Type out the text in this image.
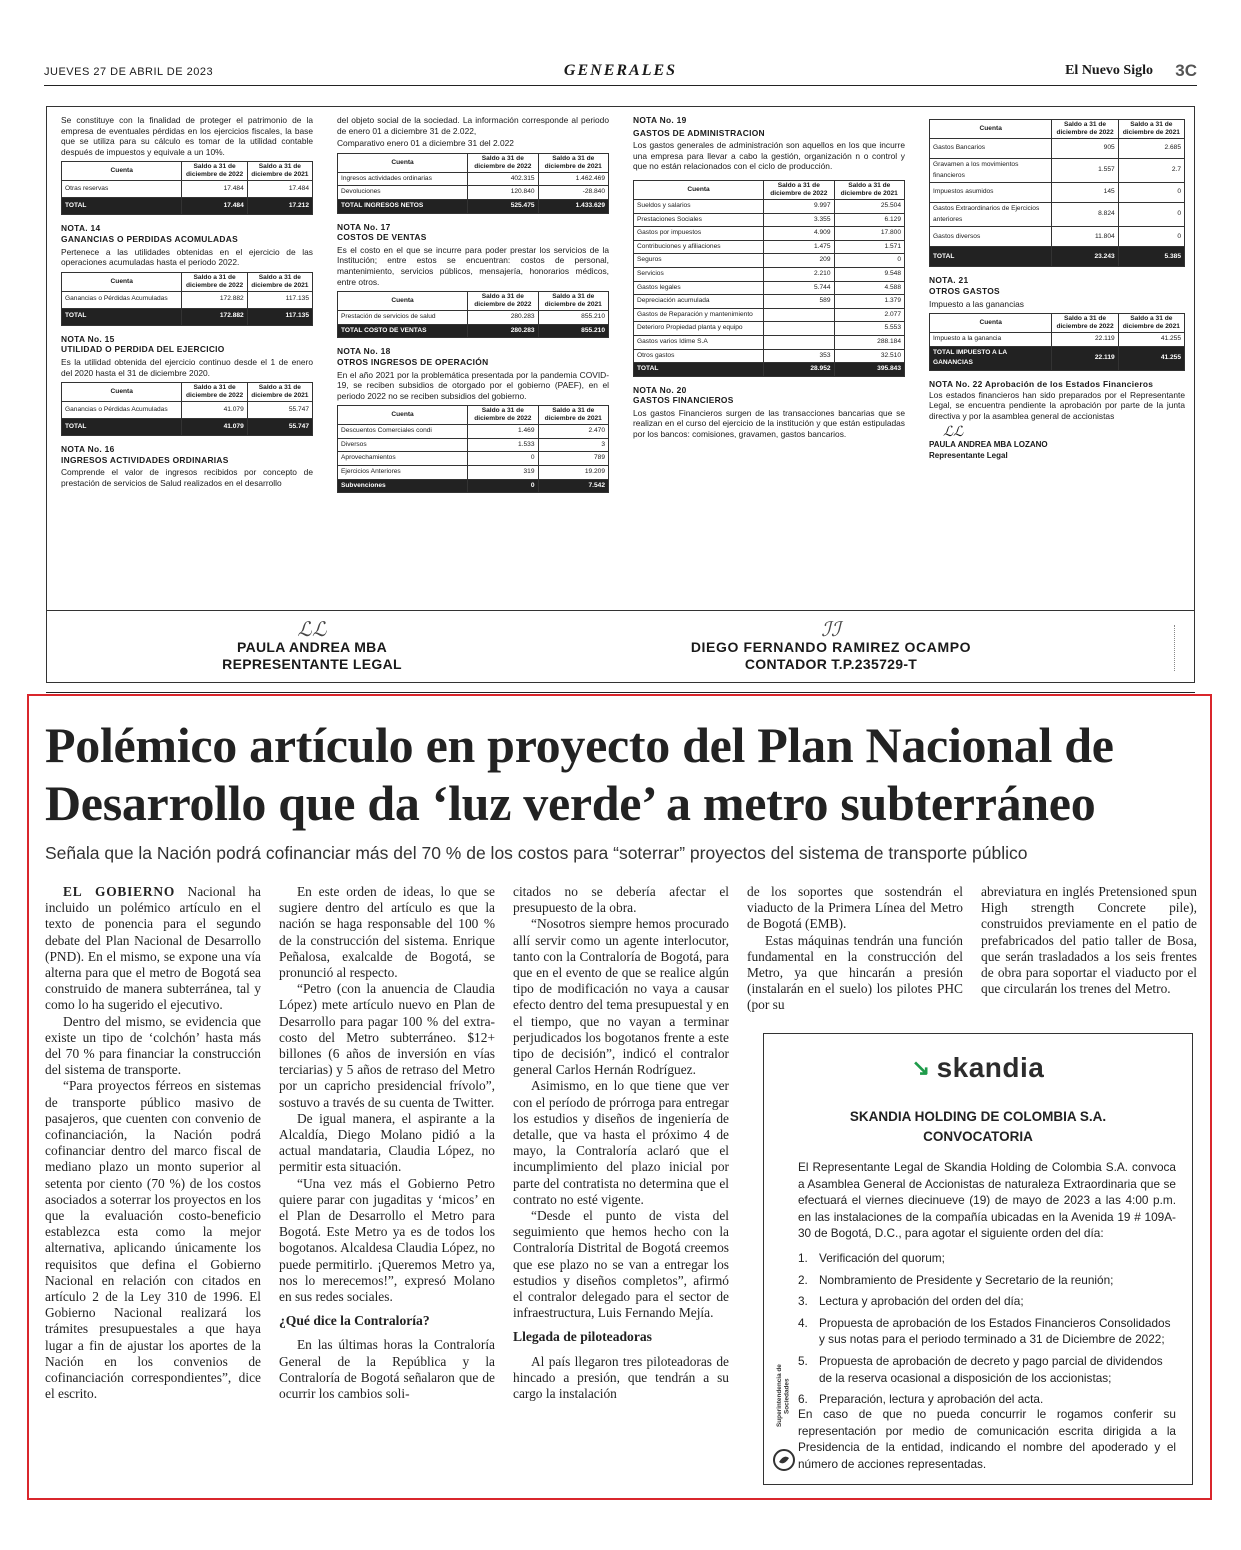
JUEVES 27 DE ABRIL DE 2023	GENERALES	El Nuevo Siglo 3C

Se constituye con la finalidad de proteger el patrimonio de la empresa de eventuales pérdidas en los ejercicios fiscales, la base que se utiliza para su cálculo es tomar de la utilidad contable después de impuestos y equivale a un 10%.

Cuenta	Saldo a 31 de diciembre de 2022	Saldo a 31 de diciembre de 2021
Otras reservas	17.484	17.484
TOTAL	17.484	17.212
NOTA. 14
GANANCIAS O PERDIDAS ACOMULADAS

Pertenece a las utilidades obtenidas en el ejercicio de las operaciones acumuladas hasta el periodo 2022.

Cuenta	Saldo a 31 de diciembre de 2022	Saldo a 31 de diciembre de 2021
Ganancias o Pérdidas Acumuladas	172.882	117.135
TOTAL	172.882	117.135
NOTA No. 15
UTILIDAD O PERDIDA DEL EJERCICIO

Es la utilidad obtenida del ejercicio continuo desde el 1 de enero del 2020 hasta el 31 de diciembre 2020.

Cuenta	Saldo a 31 de diciembre de 2022	Saldo a 31 de diciembre de 2021
Ganancias o Pérdidas Acumuladas	41.079	55.747
TOTAL	41.079	55.747
NOTA No. 16
INGRESOS ACTIVIDADES ORDINARIAS

Comprende el valor de ingresos recibidos por concepto de prestación de servicios de Salud realizados en el desarrollo

del objeto social de la sociedad. La información corresponde al periodo de enero 01 a diciembre 31 de 2.022,

Comparativo enero 01 a diciembre 31 del 2.022

Cuenta	Saldo a 31 de diciembre de 2022	Saldo a 31 de diciembre de 2021
Ingresos actividades ordinarias	402.315	1.462.469
Devoluciones	120.840	-28.840
TOTAL INGRESOS NETOS	525.475	1.433.629
NOTA No. 17
COSTOS DE VENTAS

Es el costo en el que se incurre para poder prestar los servicios de la Institución; entre estos se encuentran: costos de personal, mantenimiento, servicios públicos, mensajería, honorarios médicos, entre otros.

Cuenta	Saldo a 31 de diciembre de 2022	Saldo a 31 de diciembre de 2021
Prestación de servicios de salud	280.283	855.210
TOTAL COSTO DE VENTAS	280.283	855.210
NOTA No. 18
OTROS INGRESOS DE OPERACIÓN

En el año 2021 por la problemática presentada por la pandemia COVID-19, se reciben subsidios de otorgado por el gobierno (PAEF), en el periodo 2022 no se reciben subsidios del gobierno.

Cuenta	Saldo a 31 de diciembre de 2022	Saldo a 31 de diciembre de 2021
Descuentos Comerciales condi	1.469	2.470
Diversos	1.533	3
Aprovechamientos	0	789
Ejercicios Anteriores	319	19.209
Subvenciones	0	7.542
NOTA No. 19
GASTOS DE ADMINISTRACION

Los gastos generales de administración son aquellos en los que incurre una empresa para llevar a cabo la gestión, organización n o control y que no están relacionados con el ciclo de producción.

Cuenta	Saldo a 31 de diciembre de 2022	Saldo a 31 de diciembre de 2021
Sueldos y salarios	9.997	25.504
Prestaciones Sociales	3.355	6.129
Gastos por impuestos	4.909	17.800
Contribuciones y afiliaciones	1.475	1.571
Seguros	209	0
Servicios	2.210	9.548
Gastos legales	5.744	4.588
Depreciación acumulada	589	1.379
Gastos de Reparación y mantenimiento		2.077
Deterioro Propiedad planta y equipo		5.553
Gastos varios Idime S.A		288.184
Otros gastos	353	32.510
TOTAL	28.952	395.843
NOTA No. 20
GASTOS FINANCIEROS

Los gastos Financieros surgen de las transacciones bancarias que se realizan en el curso del ejercicio de la institución y que están estipuladas por los bancos: comisiones, gravamen, gastos bancarios.

Cuenta	Saldo a 31 de diciembre de 2022	Saldo a 31 de diciembre de 2021
Gastos Bancarios	905	2.685
Gravamen a los movimientos financieros	1.557	2.7
Impuestos asumidos	145	0
Gastos Extraordinarios de Ejercicios anteriores	8.824	0
Gastos diversos	11.804	0
TOTAL	23.243	5.385
NOTA. 21
OTROS GASTOS

Impuesto a las ganancias

Cuenta	Saldo a 31 de diciembre de 2022	Saldo a 31 de diciembre de 2021
Impuesto a la ganancia	22.119	41.255
TOTAL IMPUESTO A LA GANANCIAS	22.119	41.255
NOTA No. 22 Aprobación de los Estados Financieros

Los estados financieros han sido preparados por el Representante Legal, se encuentra pendiente la aprobación por parte de la junta directiva y por la asamblea general de accionistas

ℒℒ
PAULA ANDREA MBA LOZANO
Representante Legal
ℒℒ
PAULA ANDREA MBA
REPRESENTANTE LEGAL
ℐℐ
DIEGO FERNANDO RAMIREZ OCAMPO
CONTADOR T.P.235729-T
Polémico artículo en proyecto del Plan Nacional de Desarrollo que da ‘luz verde’ a metro subterráneo
Señala que la Nación podrá cofinanciar más del 70 % de los costos para “soterrar” proyectos del sistema de transporte público

EL GOBIERNO Nacional ha incluido un polémico artículo en el texto de ponencia para el segundo debate del Plan Nacional de Desarrollo (PND). En el mismo, se expone una vía alterna para que el metro de Bogotá sea construido de manera subterránea, tal y como lo ha sugerido el ejecutivo.

Dentro del mismo, se evidencia que existe un tipo de ‘colchón’ hasta más del 70 % para financiar la construcción del sistema de transporte.

“Para proyectos férreos en sistemas de transporte público masivo de pasajeros, que cuenten con convenio de cofinanciación, la Nación podrá cofinanciar dentro del marco fiscal de mediano plazo un monto superior al setenta por ciento (70 %) de los costos asociados a soterrar los proyectos en los que la evaluación costo-beneficio establezca esta como la mejor alternativa, aplicando únicamente los requisitos que defina el Gobierno Nacional en relación con citados en artículo 2 de la Ley 310 de 1996. El Gobierno Nacional realizará los trámites presupuestales a que haya lugar a fin de ajustar los aportes de la Nación en los convenios de cofinanciación correspondientes”, dice el escrito.

En este orden de ideas, lo que se sugiere dentro del artículo es que la nación se haga responsable del 100 % de la construcción del sistema. Enrique Peñalosa, exalcalde de Bogotá, se pronunció al respecto.

“Petro (con la anuencia de Claudia López) mete artículo nuevo en Plan de Desarrollo para pagar 100 % del extra-costo del Metro subterráneo. $12+ billones (6 años de inversión en vías terciarias) y 5 años de retraso del Metro por un capricho presidencial frívolo”, sostuvo a través de su cuenta de Twitter.

De igual manera, el aspirante a la Alcaldía, Diego Molano pidió a la actual mandataria, Claudia López, no permitir esta situación.

“Una vez más el Gobierno Petro quiere parar con jugaditas y ‘micos’ en el Plan de Desarrollo el Metro para Bogotá. Este Metro ya es de todos los bogotanos. Alcaldesa Claudia López, no puede permitirlo. ¡Queremos Metro ya, nos lo merecemos!”, expresó Molano en sus redes sociales.

¿Qué dice la Contraloría?

En las últimas horas la Contraloría General de la República y la Contraloría de Bogotá señalaron que de ocurrir los cambios soli-

citados no se debería afectar el presupuesto de la obra.

“Nosotros siempre hemos procurado allí servir como un agente interlocutor, tanto con la Contraloría de Bogotá, para que en el evento de que se realice algún tipo de modificación no vaya a causar efecto dentro del tema presupuestal y en el tiempo, que no vayan a terminar perjudicados los bogotanos frente a este tipo de decisión”, indicó el contralor general Carlos Hernán Rodríguez.

Asimismo, en lo que tiene que ver con el período de prórroga para entregar los estudios y diseños de ingeniería de detalle, que va hasta el próximo 4 de mayo, la Contraloría aclaró que el incumplimiento del plazo inicial por parte del contratista no determina que el contrato no esté vigente.

“Desde el punto de vista del seguimiento que hemos hecho con la Contraloría Distrital de Bogotá creemos que ese plazo no se van a entregar los estudios y diseños completos”, afirmó el contralor delegado para el sector de infraestructura, Luis Fernando Mejía.

Llegada de piloteadoras

Al país llegaron tres piloteadoras de hincado a presión, que tendrán a su cargo la instalación

de los soportes que sostendrán el viaducto de la Primera Línea del Metro de Bogotá (EMB).

Estas máquinas tendrán una función fundamental en la construcción del Metro, ya que hincarán a presión (instalarán en el suelo) los pilotes PHC (por su

abreviatura en inglés Pretensioned spun High strength Concrete pile), construidos previamente en el patio de prefabricados del patio taller de Bosa, que serán trasladados a los seis frentes de obra para soportar el viaducto por el que circularán los trenes del Metro.

↘ skandia
SKANDIA HOLDING DE COLOMBIA S.A.
CONVOCATORIA

El Representante Legal de Skandia Holding de Colombia S.A. convoca a Asamblea General de Accionistas de naturaleza Extraordinaria que se efectuará el viernes diecinueve (19) de mayo de 2023 a las 4:00 p.m. en las instalaciones de la compañía ubicadas en la Avenida 19 # 109A-30 de Bogotá, D.C., para agotar el siguiente orden del día:

1. Verificación del quorum;
2. Nombramiento de Presidente y Secretario de la reunión;
3. Lectura y aprobación del orden del día;
4. Propuesta de aprobación de los Estados Financieros Consolidados y sus notas para el periodo terminado a 31 de Diciembre de 2022;
5. Propuesta de aprobación de decreto y pago parcial de dividendos de la reserva ocasional a disposición de los accionistas;
6. Preparación, lectura y aprobación del acta.

En caso de que no pueda concurrir le rogamos conferir su representación por medio de comunicación escrita dirigida a la Presidencia de la entidad, indicando el nombre del apoderado y el número de acciones representadas.

Superintendencia de Sociedades
